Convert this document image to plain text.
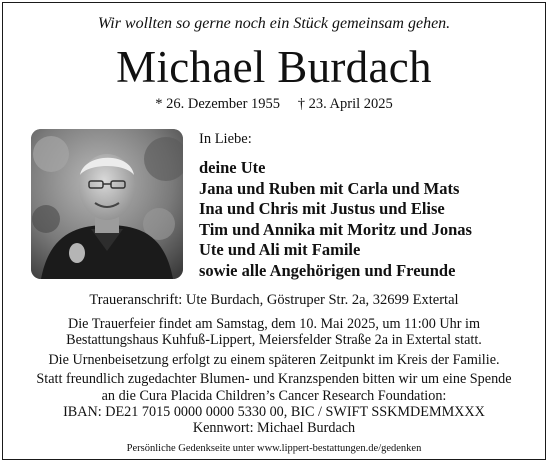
Wir wollten so gerne noch ein Stück gemeinsam gehen.
Michael Burdach
* 26. Dezember 1955 † 23. April 2025
In Liebe:
deine Ute
Jana und Ruben mit Carla und Mats
Ina und Chris mit Justus und Elise
Tim und Annika mit Moritz und Jonas
Ute und Ali mit Famile
sowie alle Angehörigen und Freunde
Traueranschrift: Ute Burdach, Göstruper Str. 2a, 32699 Extertal

Die Trauerfeier findet am Samstag, dem 10. Mai 2025, um 11:00 Uhr im

Bestattungshaus Kuhfuß-Lippert, Meiersfelder Straße 2a in Extertal statt.

Die Urnenbeisetzung erfolgt zu einem späteren Zeitpunkt im Kreis der Familie.

Statt freundlich zugedachter Blumen- und Kranzspenden bitten wir um eine Spende

an die Cura Placida Children’s Cancer Research Foundation:

IBAN: DE21 7015 0000 0000 5330 00, BIC / SWIFT SSKMDEMMXXX

Kennwort: Michael Burdach

Persönliche Gedenkseite unter www.lippert-bestattungen.de/gedenken
